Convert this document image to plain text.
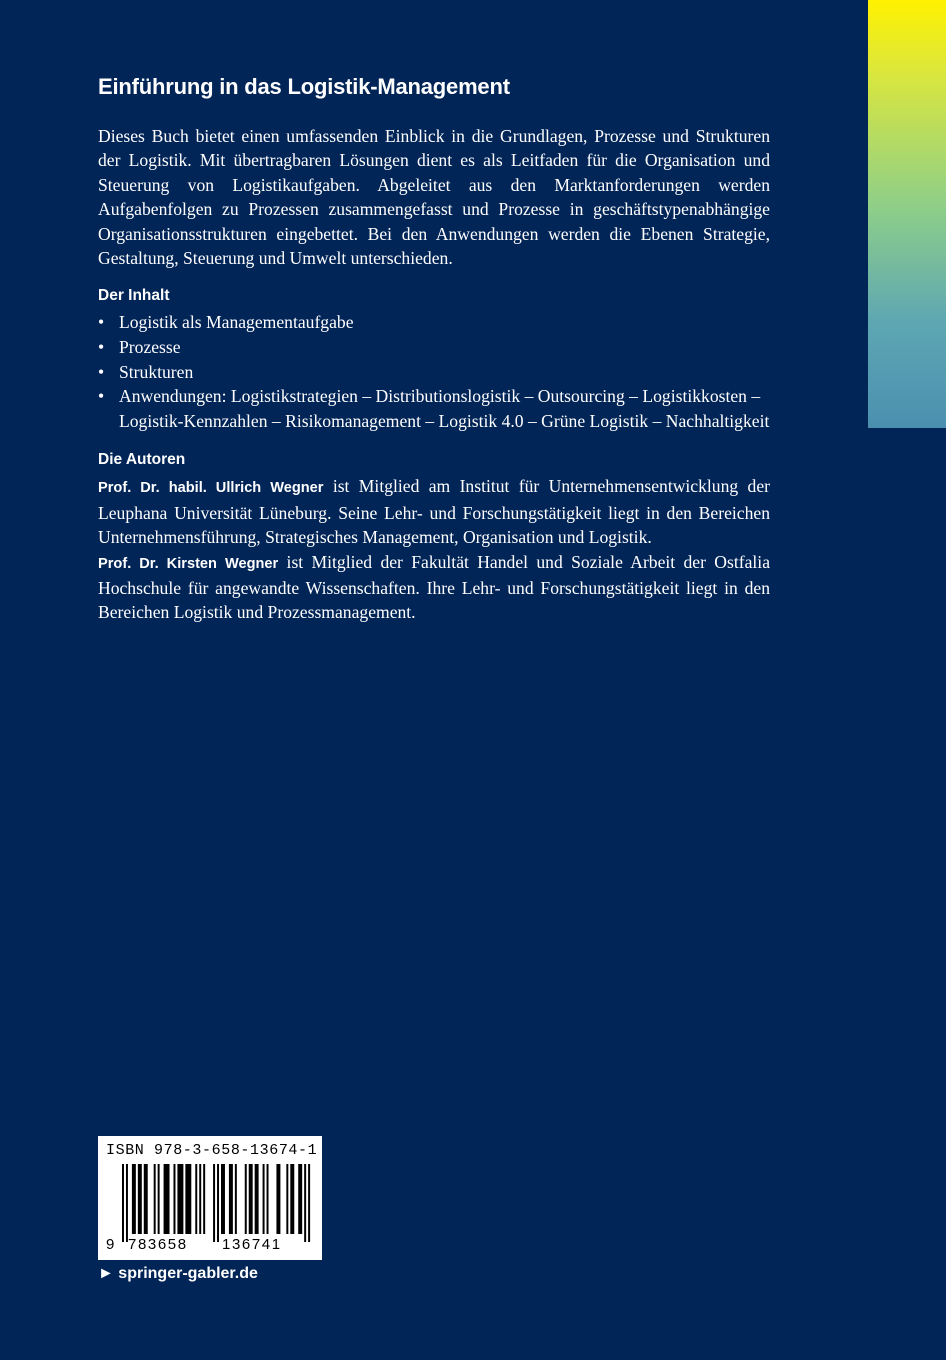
Einführung in das Logistik-Management

Dieses Buch bietet einen umfassenden Einblick in die Grundlagen, Prozesse und Strukturen der Logistik. Mit übertragbaren Lösungen dient es als Leitfaden für die Organisation und Steuerung von Logistikaufgaben. Abgeleitet aus den Marktanforderungen werden Aufgabenfolgen zu Prozessen zusammengefasst und Prozesse in geschäftstypenabhängige Organisationsstrukturen eingebettet. Bei den Anwendungen werden die Ebenen Strategie, Gestaltung, Steuerung und Umwelt unterschieden.

Der Inhalt
• Logistik als Managementaufgabe
• Prozesse
• Strukturen
• Anwendungen: Logistikstrategien – Distributionslogistik – Outsourcing – Logistikkosten – Logistik-Kennzahlen – Risikomanagement – Logistik 4.0 – Grüne Logistik – Nachhaltigkeit
Die Autoren

Prof. Dr. habil. Ullrich Wegner ist Mitglied am Institut für Unternehmensentwicklung der Leuphana Universität Lüneburg. Seine Lehr- und Forschungstätigkeit liegt in den Bereichen Unternehmensführung, Strategisches Management, Organisation und Logistik.

Prof. Dr. Kirsten Wegner ist Mitglied der Fakultät Handel und Soziale Arbeit der Ostfalia Hochschule für angewandte Wissenschaften. Ihre Lehr- und Forschungstätigkeit liegt in den Bereichen Logistik und Prozessmanagement.

ISBN 978-3-658-13674-1
9 783658 136741
► springer-gabler.de
